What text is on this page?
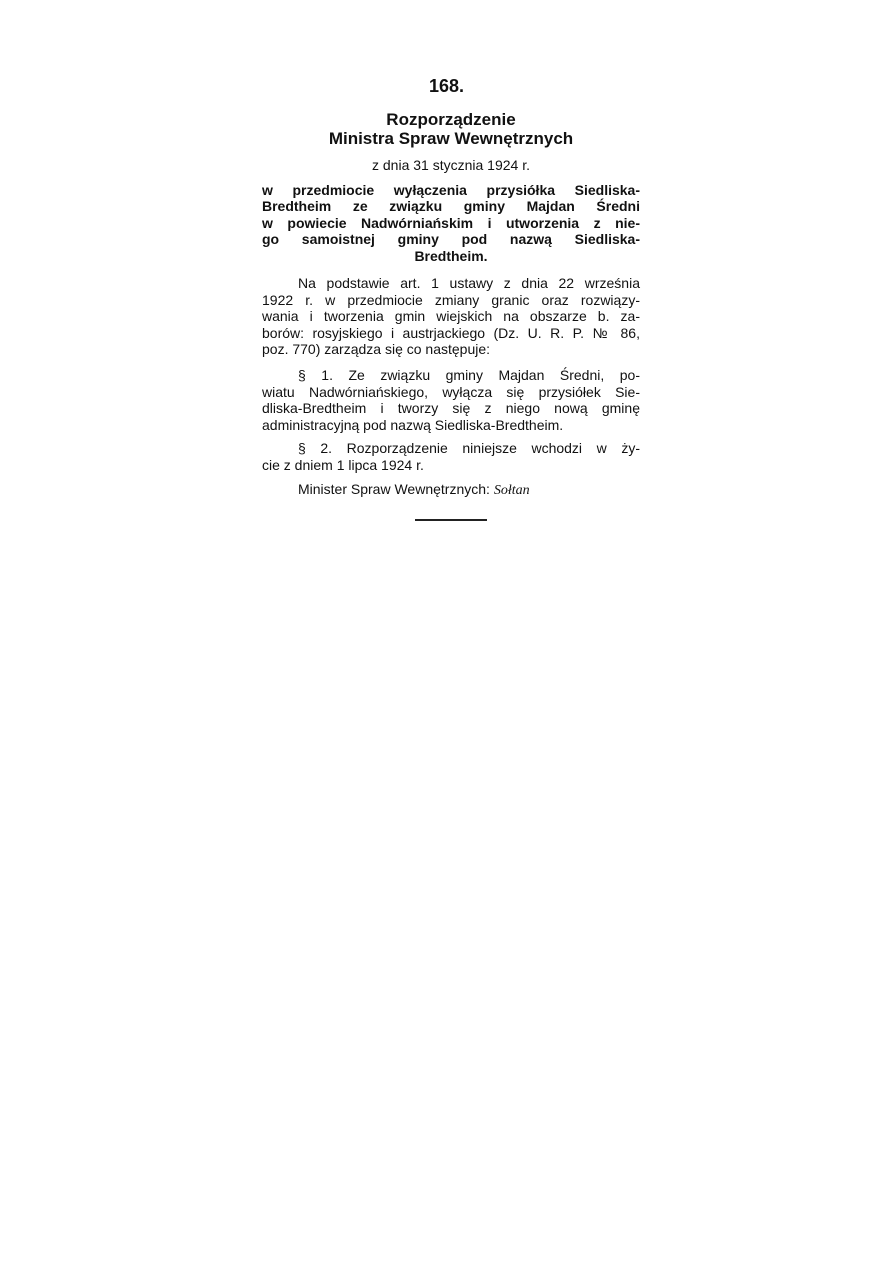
168.
Rozporządzenie
Ministra Spraw Wewnętrznych
z dnia 31 stycznia 1924 r.
w przedmiocie wyłączenia przysiółka Siedliska-
Bredtheim ze związku gminy Majdan Średni
w powiecie Nadwórniańskim i utworzenia z nie-
go samoistnej gminy pod nazwą Siedliska-
Bredtheim.
Na podstawie art. 1 ustawy z dnia 22 września
1922 r. w przedmiocie zmiany granic oraz rozwiązy-
wania i tworzenia gmin wiejskich na obszarze b. za-
borów: rosyjskiego i austrjackiego (Dz. U. R. P. № 86,
poz. 770) zarządza się co następuje:
§ 1. Ze związku gminy Majdan Średni, po-
wiatu Nadwórniańskiego, wyłącza się przysiółek Sie-
dliska-Bredtheim i tworzy się z niego nową gminę
administracyjną pod nazwą Siedliska-Bredtheim.
§ 2. Rozporządzenie niniejsze wchodzi w ży-
cie z dniem 1 lipca 1924 r.
Minister Spraw Wewnętrznych: Sołtan
